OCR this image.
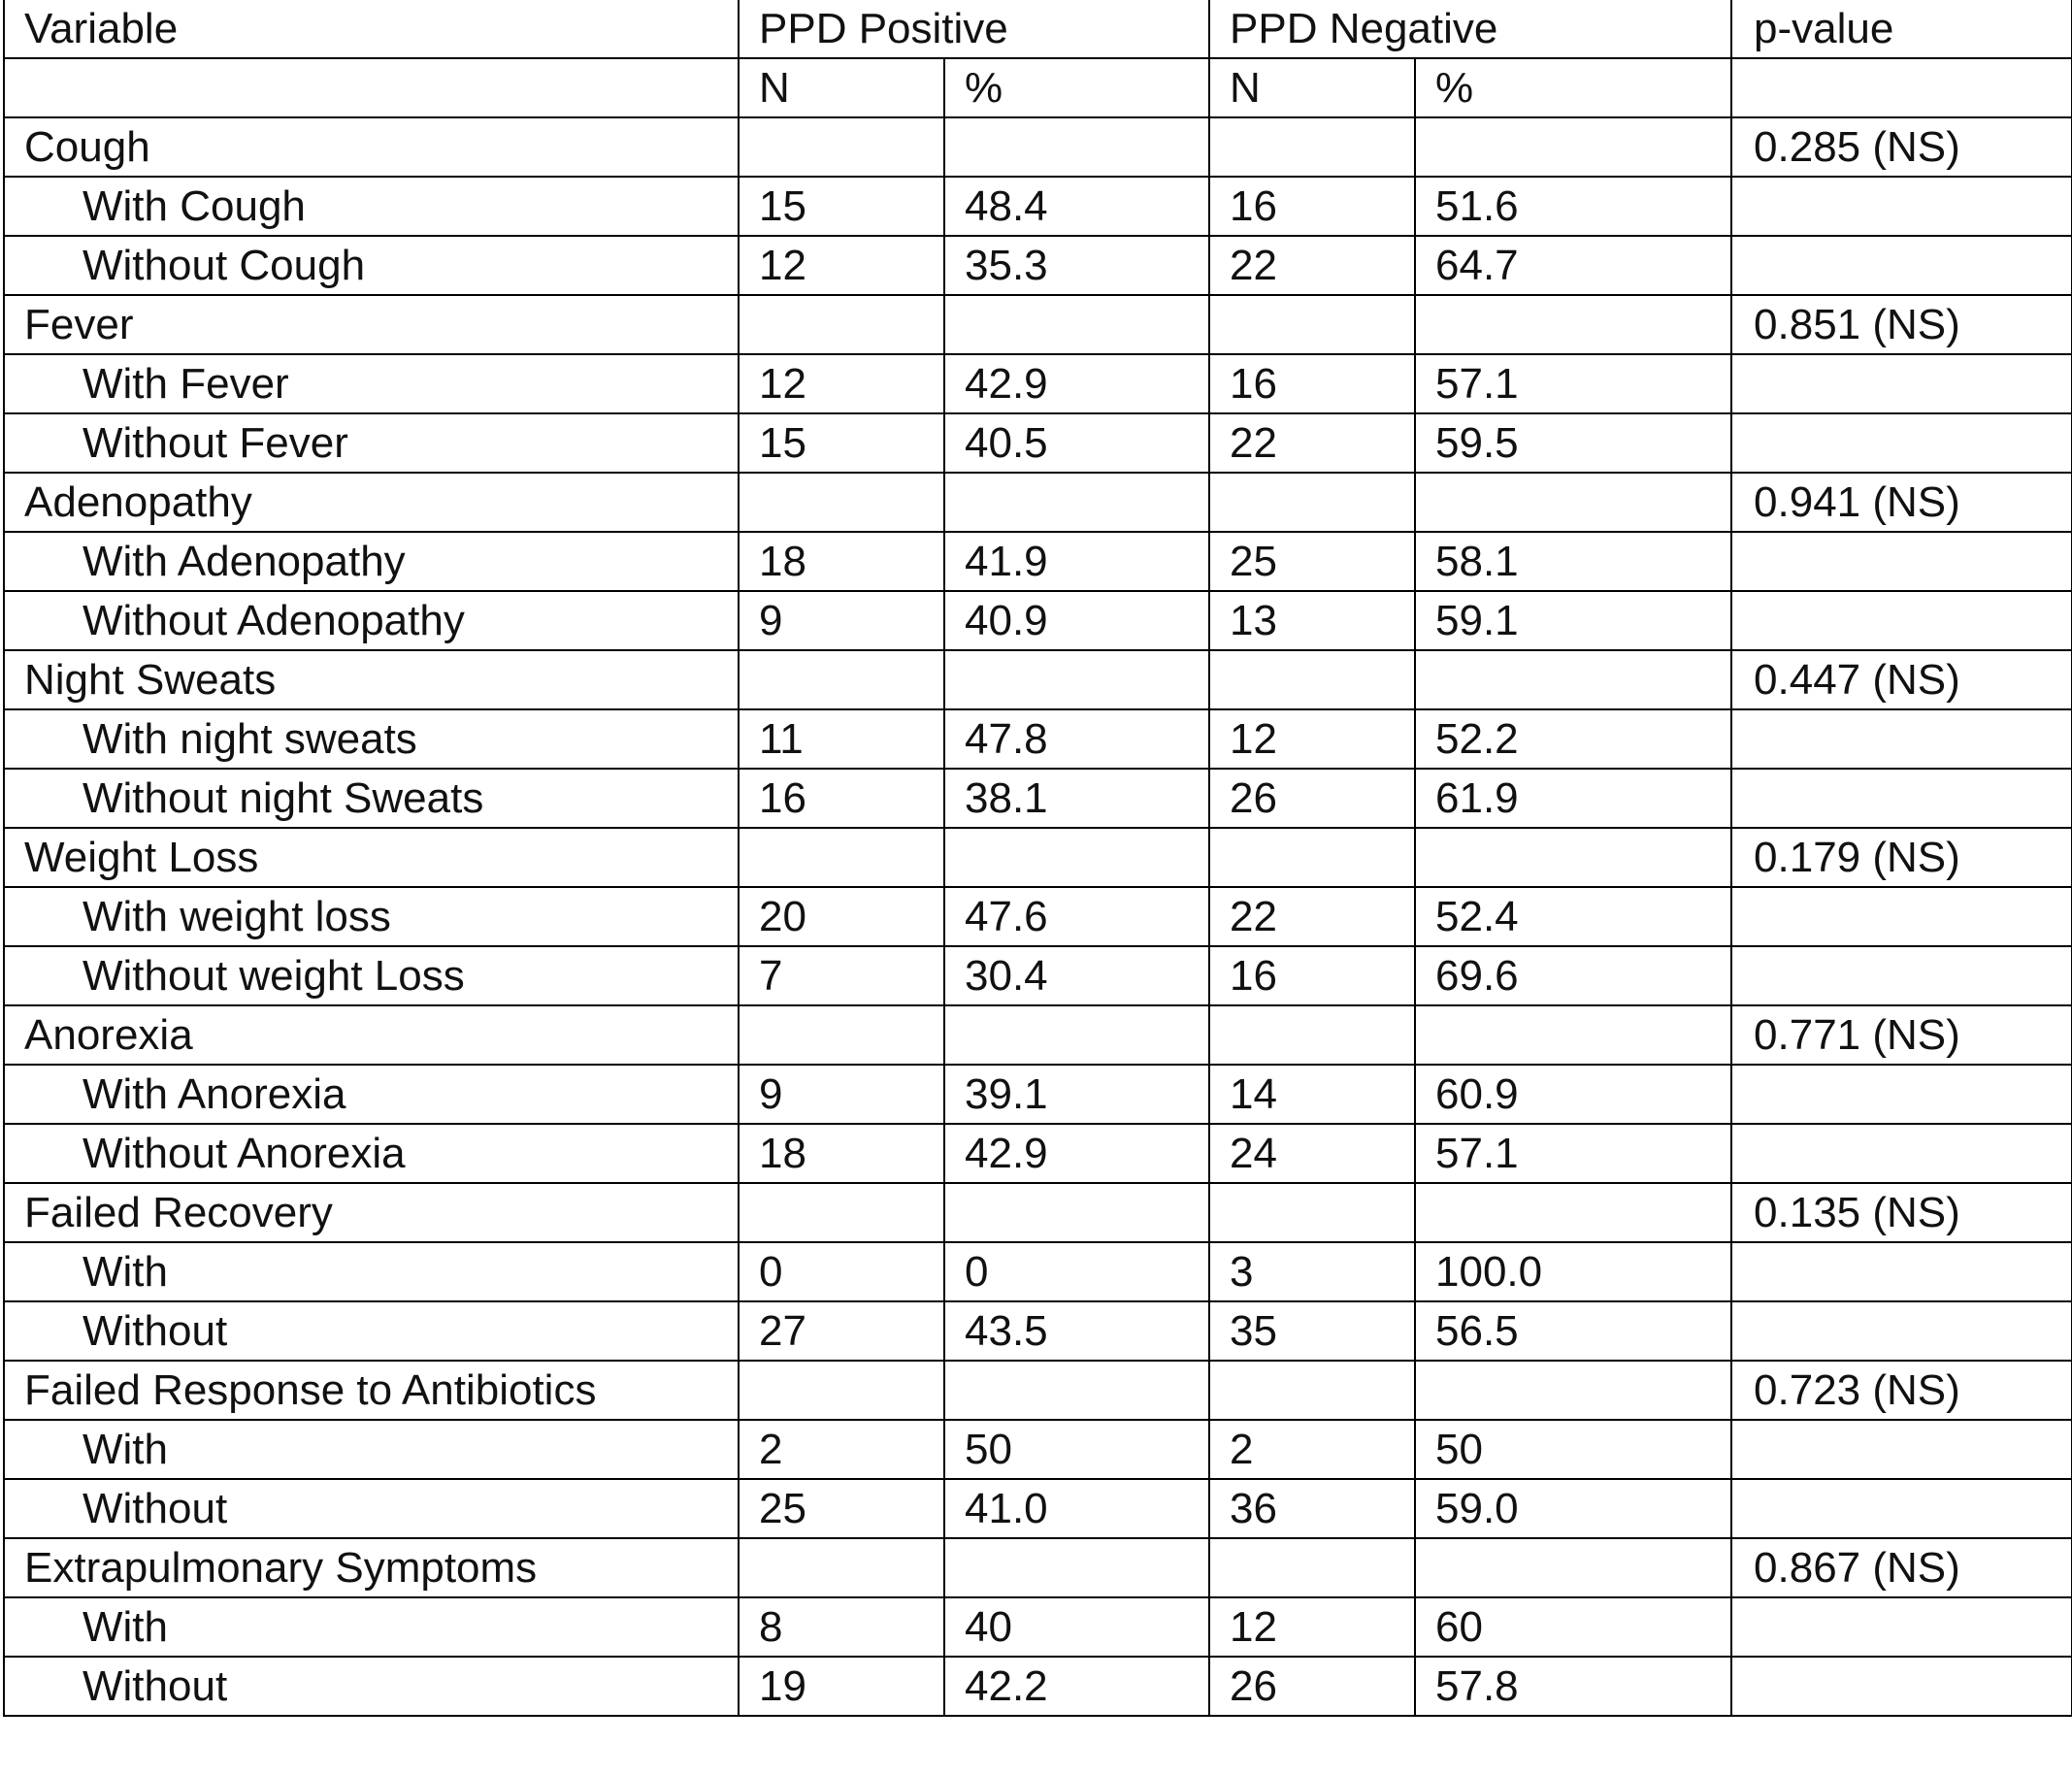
Variable	PPD Positive		PPD Negative		p-value
	N	%	N	%	
Cough					0.285 (NS)
With Cough	15	48.4	16	51.6	
Without Cough	12	35.3	22	64.7	
Fever					0.851 (NS)
With Fever	12	42.9	16	57.1	
Without Fever	15	40.5	22	59.5	
Adenopathy					0.941 (NS)
With Adenopathy	18	41.9	25	58.1	
Without Adenopathy	9	40.9	13	59.1	
Night Sweats					0.447 (NS)
With night sweats	11	47.8	12	52.2	
Without night Sweats	16	38.1	26	61.9	
Weight Loss					0.179 (NS)
With weight loss	20	47.6	22	52.4	
Without weight Loss	7	30.4	16	69.6	
Anorexia					0.771 (NS)
With Anorexia	9	39.1	14	60.9	
Without Anorexia	18	42.9	24	57.1	
Failed Recovery					0.135 (NS)
With	0	0	3	100.0	
Without	27	43.5	35	56.5	
Failed Response to Antibiotics					0.723 (NS)
With	2	50	2	50	
Without	25	41.0	36	59.0	
Extrapulmonary Symptoms					0.867 (NS)
With	8	40	12	60	
Without	19	42.2	26	57.8	
